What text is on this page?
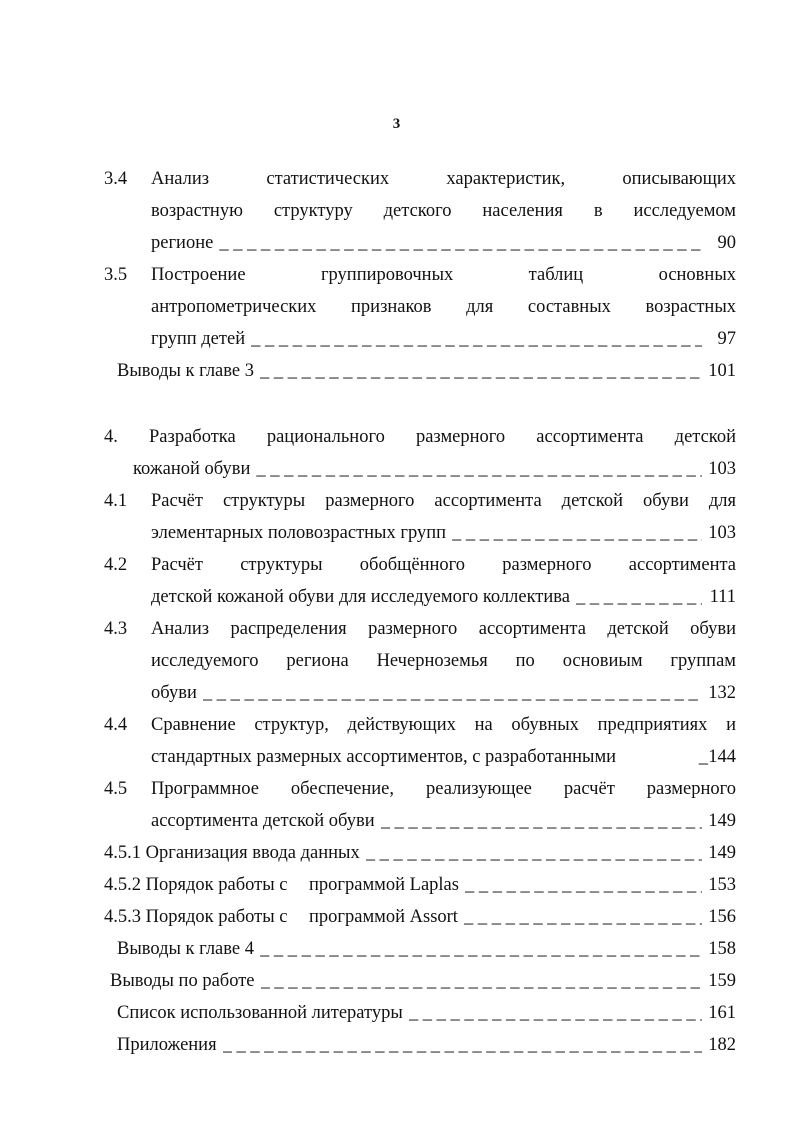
3
3.4	Анализ статистических характеристик, описывающих
возрастную структуру детского населения в исследуемом
регионе _ _ _	90
3.5	Построение группировочных таблиц основных
антропометрических признаков для составных возрастных
групп детей _ _ _	97
Выводы к главе 3 _ _ _	101
4. Разработка рационального размерного ассортимента детской
кожаной обуви _ _ _	103
4.1	Расчёт структуры размерного ассортимента детской обуви для
элементарных половозрастных групп _ _ _	103
4.2	Расчёт структуры обобщённого размерного ассортимента
детской кожаной обуви для исследуемого коллектива _ _ _	111
4.3	Анализ распределения размерного ассортимента детской обуви
исследуемого региона Нечерноземья по основиым группам
обуви _ _ _	132
4.4	Сравнение структур, действующих на обувных предприятиях и
стандартных размерных ассортиментов, с разработанными	_ 144
4.5	Программное обеспечение, реализующее расчёт размерного
ассортимента детской обуви _ _ _	149
4.5.1 Организация ввода данных _ _ _	149
4.5.2 Порядок работы с	программой Laplas _ _ _	153
4.5.3 Порядок работы с	программой Assort _ _ _	156
Выводы к главе 4 _ _ _	158
Выводы по работе _ _ _	159
Список использованной литературы _ _ _	161
Приложения _ _ _	182
